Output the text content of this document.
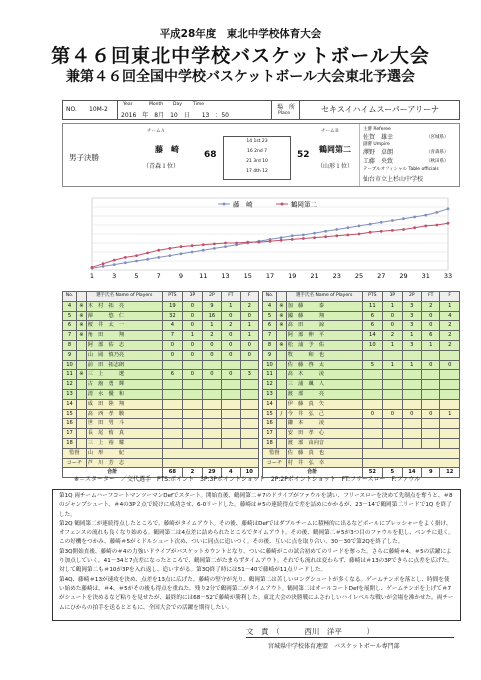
平成28年度　東北中学校体育大会
第４６回東北中学校バスケットボール大会
兼第４６回全国中学校バスケットボール大会東北予選会
NO. 10M-2
Year	Month Day Time
2016　年　8月　10　日　　13　：50
場　所
Place	セキスイハイムスーパーアリーナ
男子決勝
チームＡ
藤　崎
（青森１位）
68
14 1st 23
16 2nd 7
21 3rd 10
17 4th 12
52
チームＢ
鶴岡第二
（山形１位）
主審 Referee
佐賀　雄幸	（宮城県）
副審 Umpire
澤野　卓朗	（青森県）
工藤　央致	（秋田県）
テーブルオフィシャル Table officials
仙台市立上杉山中学校
1	3	5	7	9 11 13 15 17 19 21 23 25 27 29 31 33
藤　崎	鶴岡第二
No.		選手氏名 Name of Players	PTS	3P	2P	FT	F
4	※	木　村　拓　亮	19	0	9	1	2
5	※	渾　　　悠　仁	32	0	16	0	0
6	※	桜　井　太　一	4	0	1	2	1
7	※	角　田　　　翔	7	1	2	0	1
8		阿　部　佑　志	0	0	0	0	0
9		山　岡　慎乃亮	0	0	0	0	0
10		前　田　拓志朗					
11	※	三　上　　　遼	6	0	0	0	3
12		古　舘　勇　輝					
13		清　水　優　和					
14		成　田　陸　翔					
15		髙　西　孝　駿					
16		世　田　男　斗					
17		長　尾　侑　真					
18		三　上　裕　耀					
監督		山　形　　　紀					
コーチ		芦　川　芳　志					
合計			68	2	29	4	10
No.		選手氏名 Name of Players	PTS	3P	2P	FT	F
4	※	加　藤　　　泰	11	1	3	2	1
5	※	國　藤　　　翔	6	0	3	0	4
6	※	髙　田　　　諒	6	0	3	0	2
7		阿　部　伸　平	14	2	1	6	2
8	※	松　浦　予　佑	10	1	3	1	2
9		牧　　　和　也					
10		佐　藤　啓　太	5	1	1	0	0
11		髙　木　　　凌					
12		三　浦　颯　人					
13		渡　部　　　亮					
14		伊　藤　真　矢					
15	/	今　井　弘　己	0	0	0	0	1
16		鎌　本　　　凌					
17		安　田　孝　心					
18		渡　部　由向音					
監督		佐　藤　真　也					
コーチ		村　井　弘　幸					
合計			52	5	14	9	12
※＝スターター　／交代選手　PTS:ポイント　3P:3Pポイントショット　2P:2Pポイントショット　FT:フリースロー　F:ファウル

第1Q 両チームハーフコートマンツーマンDefでスタート。開始直後、鶴岡第二＃7のドライブがファウルを誘い、フリースローを決めて先制点を奪うと、＃8のジャンプシュート、＃4の3P２点で続けに成功させ、6-0リードした。藤崎は＃5の連続得点で差を詰めにかかるが、23－14で鶴岡第二リードで1Q を終了した。

第2Q 鶴岡第二が連続得点したところで、藤崎がタイムアウト。その後、藤崎はDefではダブルチームに積極的に出るなどボールにプレッシャーをよく掛け、オフェンスの流れも良くなり始める。鶴岡第二は4点差に詰められたところでタイムアウト。その後、鶴岡第二＃5が3つ目のファウルを犯し、ベンチに退く。この好機をつかみ、藤崎＃5がミドルシュート次め、ついに同点に追いつく。その後、互いに点を取り合い、30－30で第2Qを終了した。

第3Q開始直後、藤崎の＃4の力強いドライブがバスケットカウントとなり、ついに藤崎がこの試合初めてのリードを奪った。さらに藤崎＃4、＃5の活躍により加点していく。41－34と7点差になったところで、鶴岡第二がたまらずタイムアウト。それでも流れは変わらず、藤崎は＃13の3Pできらに点差を広げた。対して鶴岡第二も＃10が3Pを入れ返し、追いすがる。第3Q終了時には51－40で藤崎が11点リードした。

第4Q、藤崎＃13が速攻を決め、点差を13点に広げた。藤崎の堅守が光り、鶴岡第二は苦しいロングシュートが多くなる。ゲームテンポを落とし、時間を使い始めた藤崎は、＃4、＃5がその後も得点を重ねた。残り2分で鶴岡第二がタイムアウト。鶴岡第二はオールコートDefを展開し、ゲームテンポを上げて＃7がシュートを決めるなど粘りを見せたが、最終的には68－52で藤崎が勝利した。東北大会の決勝戦にふさわしいハイレベルな戦いが会場を沸かせた。両チームにひからの拍手を送るとともに、全国大会での活躍を期待したい。

文　責　（	西川　洋平	）
宮城県中学校体育連盟　バスケットボール専門部
